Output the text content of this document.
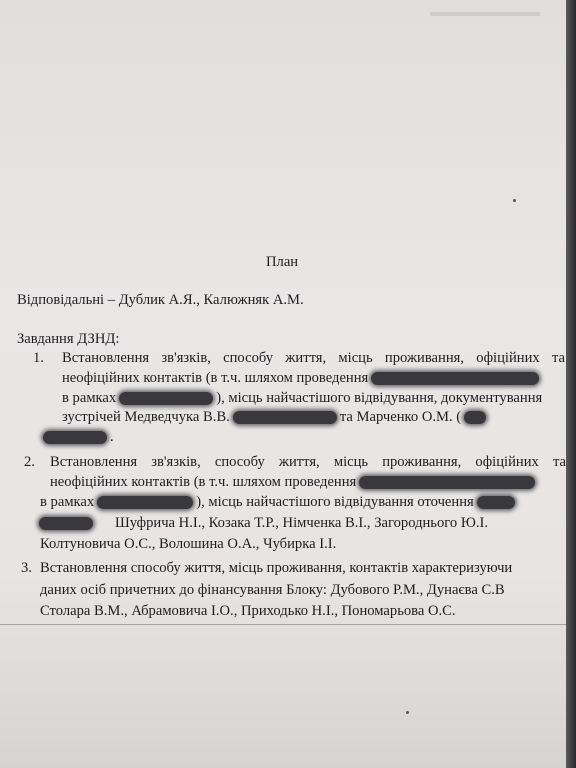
План
Відповідальні – Дублик А.Я., Калюжняк А.М.
Завдання ДЗНД:
1. Встановлення зв'язків, способу життя, місць проживання, офіційних та
неофіційних контактів (в т.ч. шляхом проведення
в рамках	), місць найчастішого відвідування, документування
зустрічей Медведчука В.В.	та Марченко О.М. (
.
2. Встановлення зв'язків, способу життя, місць проживання, офіційних та
неофіційних контактів (в т.ч. шляхом проведення
в рамках	), місць найчастішого відвідування оточення
Шуфрича Н.І., Козака Т.Р., Німченка В.І., Загороднього Ю.І.
Колтуновича О.С., Волошина О.А., Чубирка І.І.
3. Встановлення способу життя, місць проживання, контактів характеризуючи
даних осіб причетних до фінансування Блоку: Дубового Р.М., Дунаєва С.В
Столара В.М., Абрамовича І.О., Приходько Н.І., Пономарьова О.С.
